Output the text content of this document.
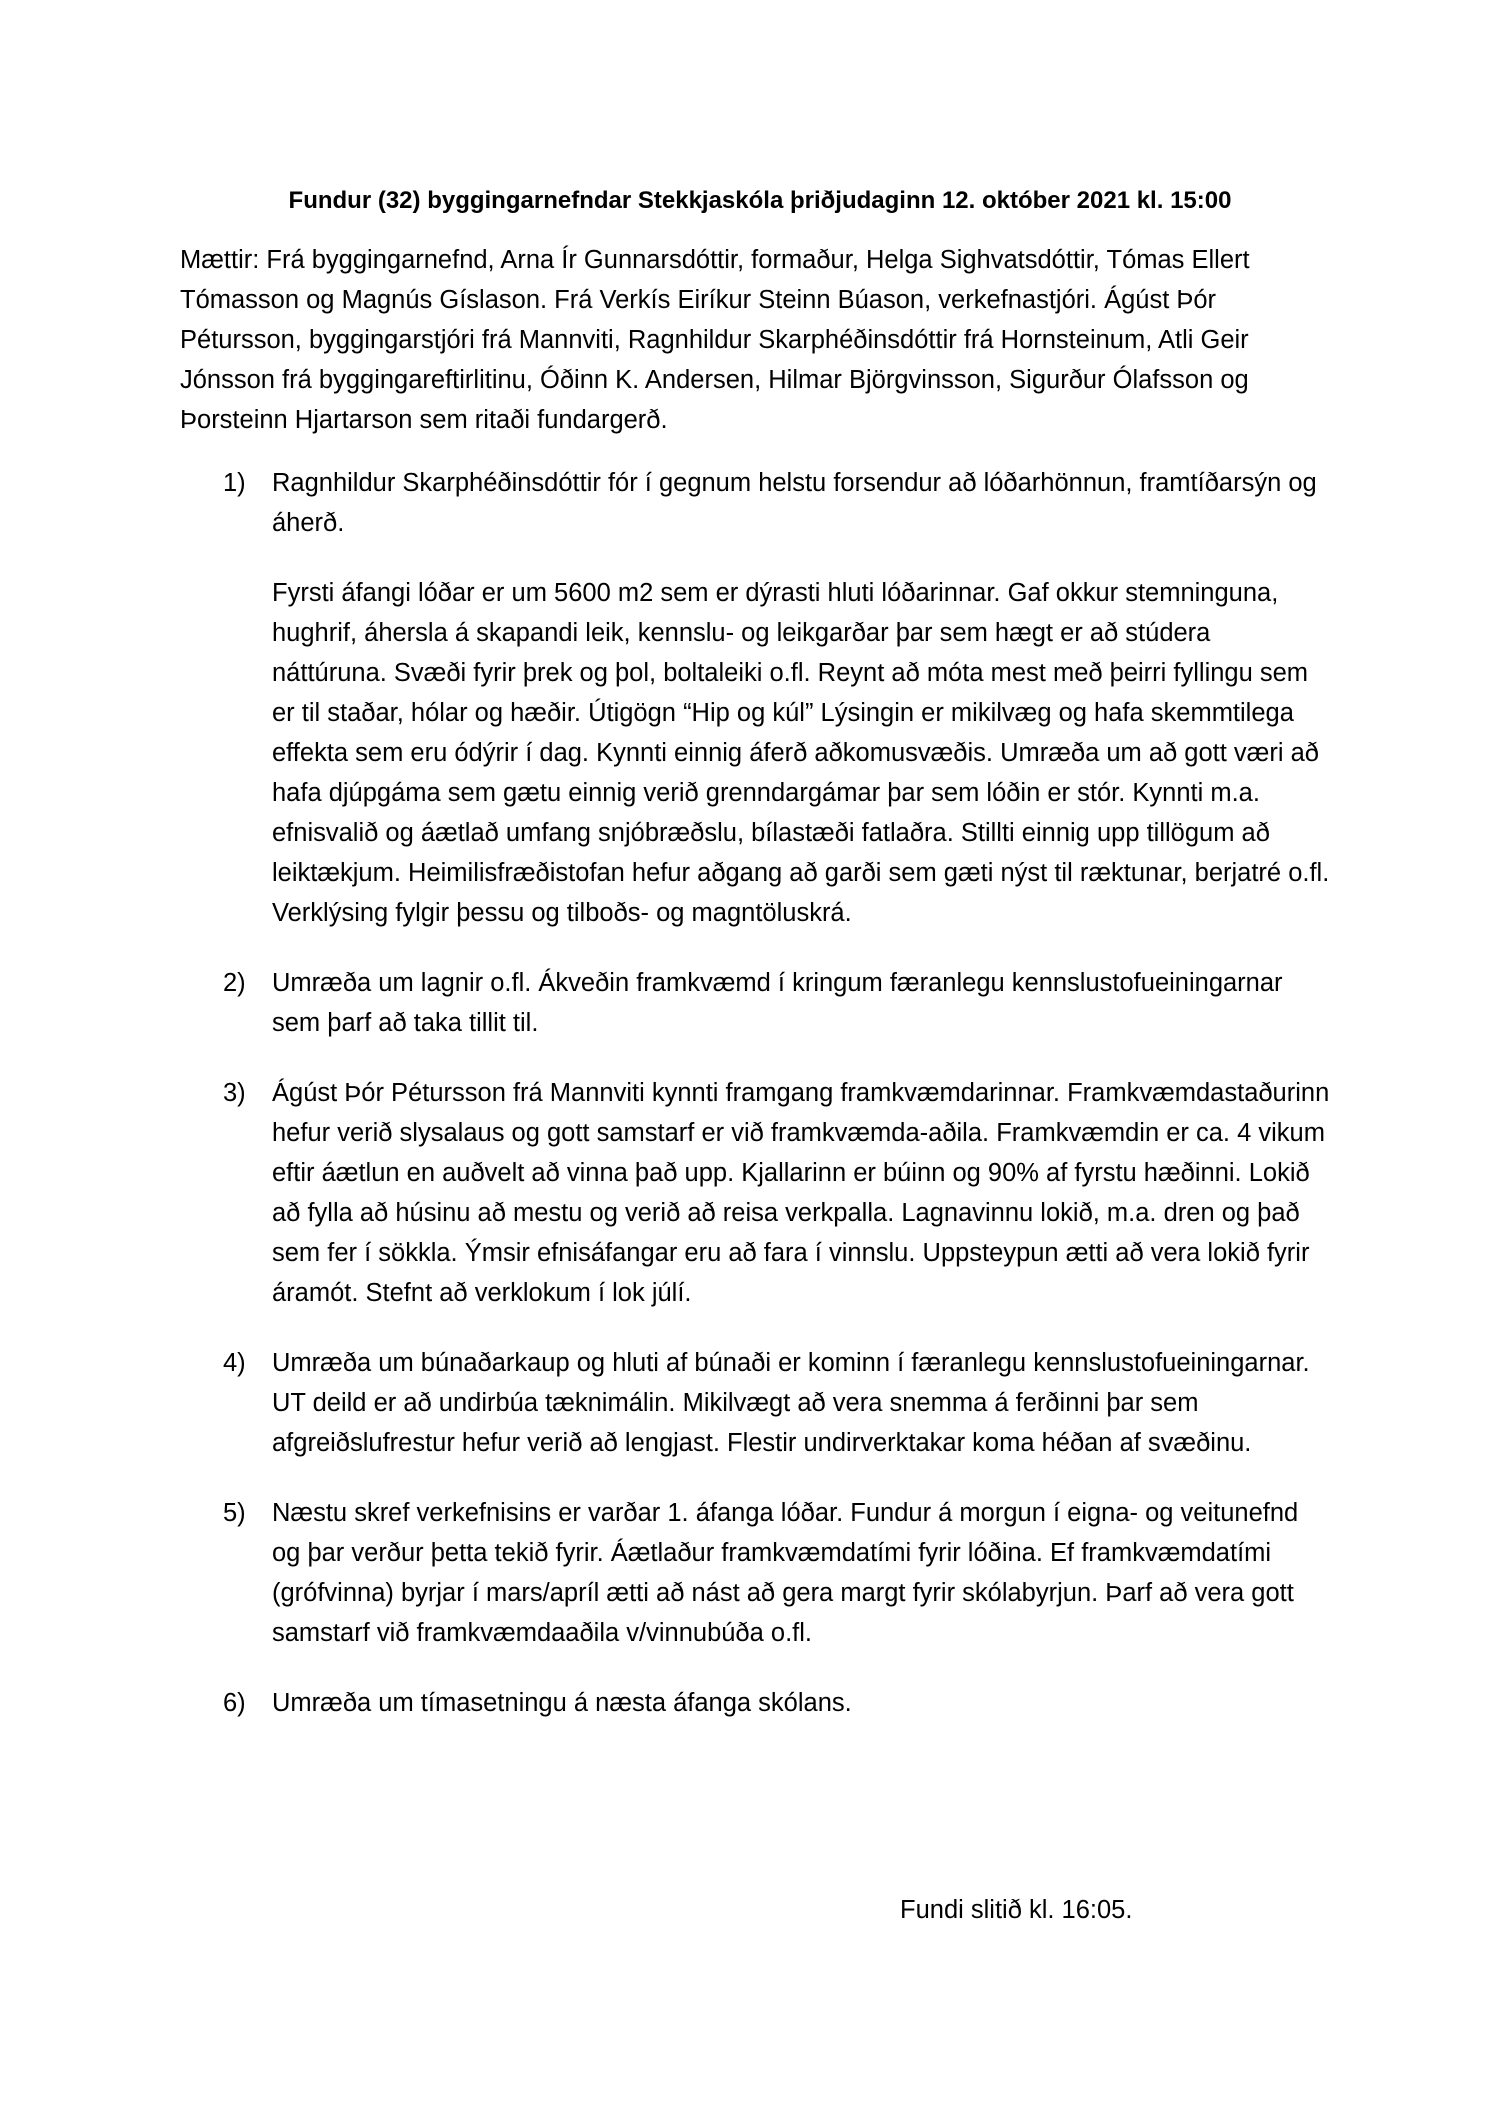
Fundur (32) byggingarnefndar Stekkjaskóla þriðjudaginn 12. október 2021 kl. 15:00
Mættir: Frá byggingarnefnd, Arna Ír Gunnarsdóttir, formaður, Helga Sighvatsdóttir, Tómas Ellert Tómasson og Magnús Gíslason. Frá Verkís Eiríkur Steinn Búason, verkefnastjóri. Ágúst Þór Pétursson, byggingarstjóri frá Mannviti, Ragnhildur Skarphéðinsdóttir frá Hornsteinum, Atli Geir Jónsson frá byggingareftirlitinu, Óðinn K. Andersen, Hilmar Björgvinsson, Sigurður Ólafsson og Þorsteinn Hjartarson sem ritaði fundargerð.
1)	Ragnhildur Skarphéðinsdóttir fór í gegnum helstu forsendur að lóðarhönnun, framtíðarsýn og áherð.

Fyrsti áfangi lóðar er um 5600 m2 sem er dýrasti hluti lóðarinnar. Gaf okkur stemninguna, hughrif, áhersla á skapandi leik, kennslu- og leikgarðar þar sem hægt er að stúdera náttúruna. Svæði fyrir þrek og þol, boltaleiki o.fl. Reynt að móta mest með þeirri fyllingu sem er til staðar, hólar og hæðir. Útigögn “Hip og kúl” Lýsingin er mikilvæg og hafa skemmtilega effekta sem eru ódýrir í dag. Kynnti einnig áferð aðkomusvæðis. Umræða um að gott væri að hafa djúpgáma sem gætu einnig verið grenndargámar þar sem lóðin er stór. Kynnti m.a. efnisvalið og áætlað umfang snjóbræðslu, bílastæði fatlaðra. Stillti einnig upp tillögum að leiktækjum. Heimilisfræðistofan hefur aðgang að garði sem gæti nýst til ræktunar, berjatré o.fl. Verklýsing fylgir þessu og tilboðs- og magntöluskrá.

2)	Umræða um lagnir o.fl. Ákveðin framkvæmd í kringum færanlegu kennslustofueiningarnar sem þarf að taka tillit til.

3)	Ágúst Þór Pétursson frá Mannviti kynnti framgang framkvæmdarinnar. Framkvæmdastaðurinn hefur verið slysalaus og gott samstarf er við framkvæmda-aðila. Framkvæmdin er ca. 4 vikum eftir áætlun en auðvelt að vinna það upp. Kjallarinn er búinn og 90% af fyrstu hæðinni. Lokið að fylla að húsinu að mestu og verið að reisa verkpalla. Lagnavinnu lokið, m.a. dren og það sem fer í sökkla. Ýmsir efnisáfangar eru að fara í vinnslu. Uppsteypun ætti að vera lokið fyrir áramót. Stefnt að verklokum í lok júlí.

4)	Umræða um búnaðarkaup og hluti af búnaði er kominn í færanlegu kennslustofueiningarnar. UT deild er að undirbúa tæknimálin. Mikilvægt að vera snemma á ferðinni þar sem afgreiðslufrestur hefur verið að lengjast. Flestir undirverktakar koma héðan af svæðinu.

5)	Næstu skref verkefnisins er varðar 1. áfanga lóðar. Fundur á morgun í eigna- og veitunefnd og þar verður þetta tekið fyrir. Áætlaður framkvæmdatími fyrir lóðina. Ef framkvæmdatími (grófvinna) byrjar í mars/apríl ætti að nást að gera margt fyrir skólabyrjun. Þarf að vera gott samstarf við framkvæmdaaðila v/vinnubúða o.fl.

6)	Umræða um tímasetningu á næsta áfanga skólans.

Fundi slitið kl. 16:05.
